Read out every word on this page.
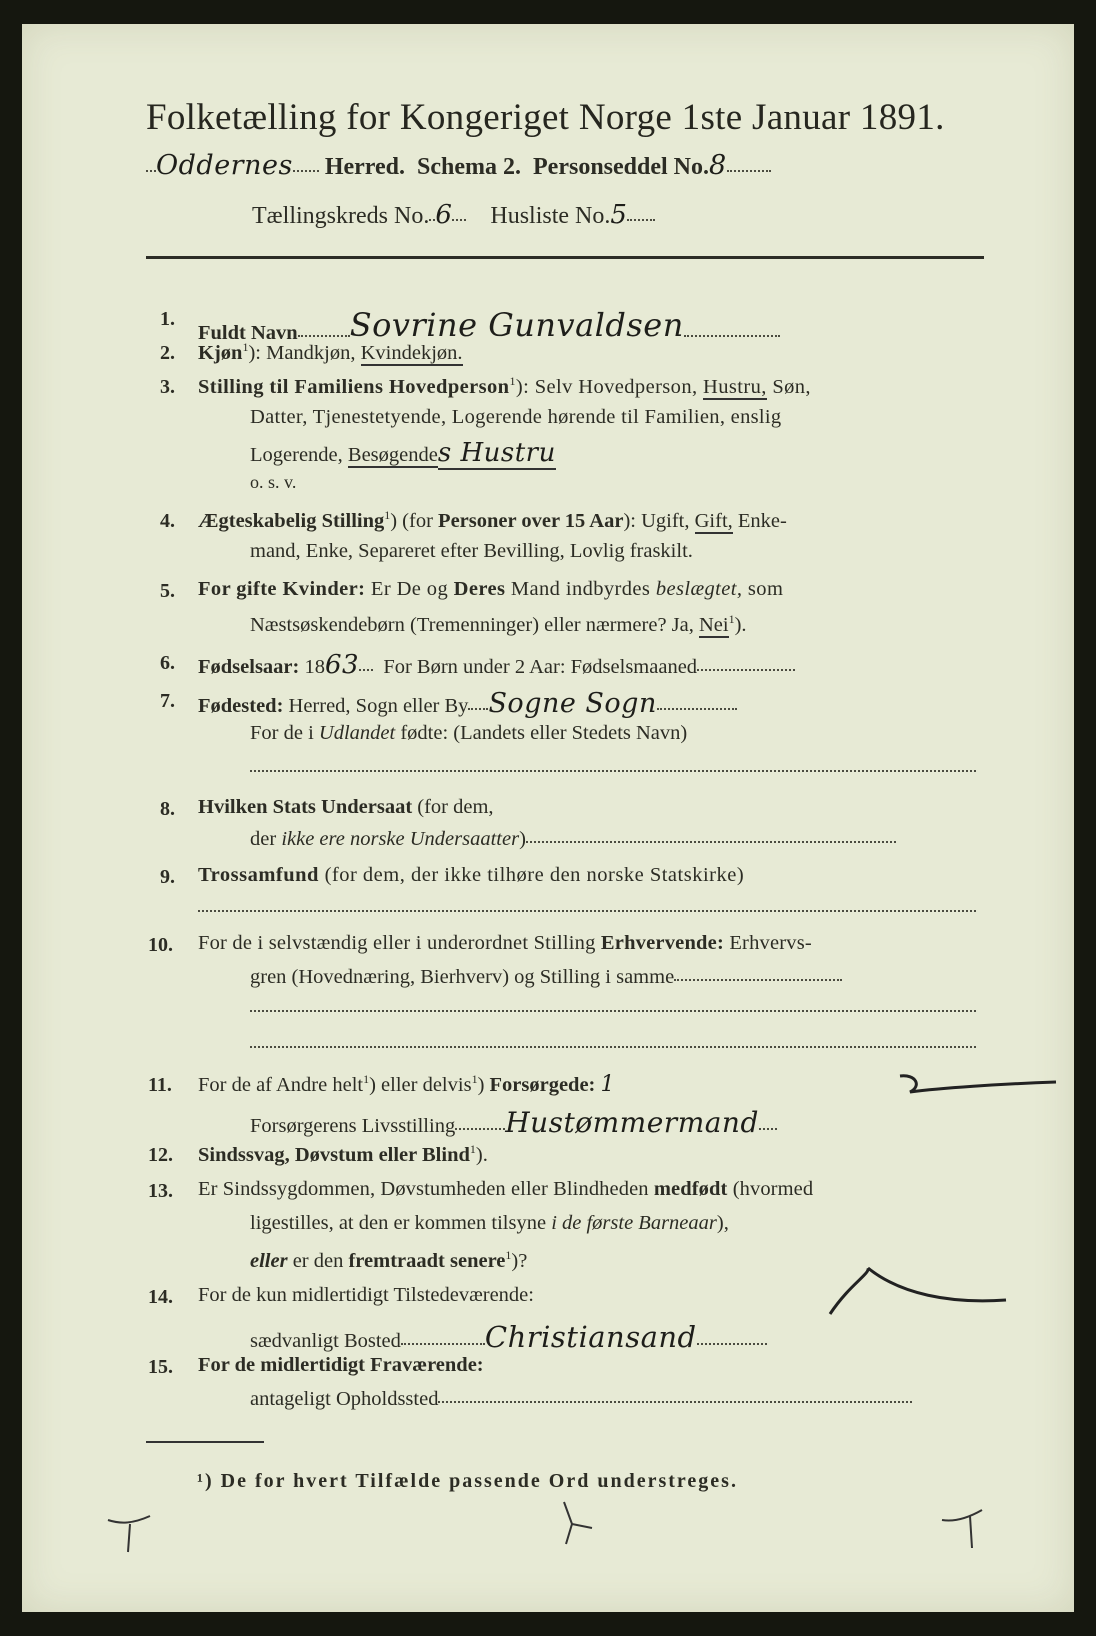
Folketælling for Kongeriget Norge 1ste Januar 1891.
Oddernes Herred. Schema 2. Personseddel No.8
Tællingskreds No. 6 Husliste No.5
1.
Fuldt Navn Sovrine Gunvaldsen
2. Kjøn$^1$): Mandkjøn, Kvindekjøn.
3. Stilling til Familiens Hovedperson$^1$): Selv Hovedperson, Hustru, Søn,
Datter, Tjenestetyende, Logerende hørende til Familien, enslig
Logerende, Besøgendes Hustru
o. s. v.
4. Ægteskabelig Stilling$^1$) (for Personer over 15 Aar): Ugift, Gift, Enke-
mand, Enke, Separeret efter Bevilling, Lovlig fraskilt.
5. For gifte Kvinder: Er De og Deres Mand indbyrdes beslægtet, som
Næstsøskendebørn (Tremenninger) eller nærmere? Ja, Nei$^1$).
6. Fødselsaar: 1863 For Børn under 2 Aar: Fødselsmaaned
7. Fødested: Herred, Sogn eller By Sogne Sogn
For de i Udlandet fødte: (Landets eller Stedets Navn)
8. Hvilken Stats Undersaat (for dem,
der ikke ere norske Undersaatter)
9. Trossamfund (for dem, der ikke tilhøre den norske Statskirke)
10. For de i selvstændig eller i underordnet Stilling Erhvervende: Erhvervs-
gren (Hovednæring, Bierhverv) og Stilling i samme
11. For de af Andre helt$^1$) eller delvis$^1$) Forsørgede: 1
Forsørgerens Livsstilling Hustømmermand
12. Sindssvag, Døvstum eller Blind$^1$).
13. Er Sindssygdommen, Døvstumheden eller Blindheden medfødt (hvormed
ligestilles, at den er kommen tilsyne i de første Barneaar),
eller er den fremtraadt senere$^1$)?
14. For de kun midlertidigt Tilstedeværende:
sædvanligt Bosted	Christiansand
15. For de midlertidigt Fraværende:
antageligt Opholdssted
¹) De for hvert Tilfælde passende Ord understreges.
